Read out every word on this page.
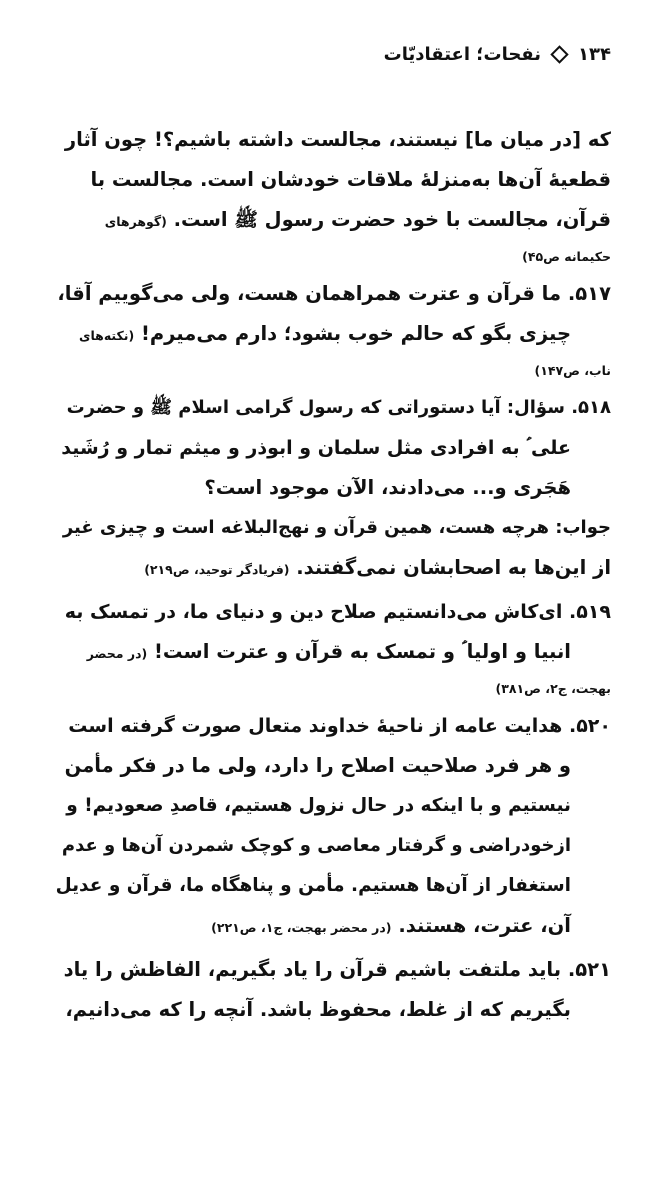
۱۳۴
نفحات؛ اعتقادیّات

که [در میان ما] نیستند، مجالست داشته باشیم؟! چون آثار

قطعیهٔ آن‌ها به‌منزلهٔ ملاقات خودشان است. مجالست با

قرآن، مجالست با خود حضرت رسول ﷺ است. (گوهرهای

حکیمانه ص۴۵)

۵۱۷. ما قرآن و عترت همراهمان هست، ولی می‌گوییم آقا،

چیزی بگو که حالم خوب بشود؛ دارم می‌میرم! (نکته‌های

ناب، ص۱۴۷)

۵۱۸. سؤال: آیا دستوراتی که رسول گرامی اسلام ﷺ و حضرت

علی ؑ به افرادی مثل سلمان و ابوذر و میثم تمار و رُشَید

هَجَری و... می‌دادند، الآن موجود است؟

جواب: هرچه هست، همین قرآن و نهج‌البلاغه است و چیزی غیر

از این‌ها به اصحابشان نمی‌گفتند. (فریادگر توحید، ص۲۱۹)

۵۱۹. ای‌کاش می‌دانستیم صلاح دین و دنیای ما، در تمسک به

انبیا و اولیا ؑ و تمسک به قرآن و عترت است! (در محضر

بهجت، ج۲، ص۳۸۱)

۵۲۰. هدایت عامه از ناحیهٔ خداوند متعال صورت گرفته است

و هر فرد صلاحیت اصلاح را دارد، ولی ما در فکر مأمن

نیستیم و با اینکه در حال نزول هستیم، قاصدِ صعودیم! و

ازخودراضی و گرفتار معاصی و کوچک شمردن آن‌ها و عدم

استغفار از آن‌ها هستیم. مأمن و پناهگاه ما، قرآن و عدیل

آن، عترت، هستند. (در محضر بهجت، ج۱، ص۲۲۱)

۵۲۱. باید ملتفت باشیم قرآن را یاد بگیریم، الفاظش را یاد

بگیریم که از غلط، محفوظ باشد. آنچه را که می‌دانیم،
